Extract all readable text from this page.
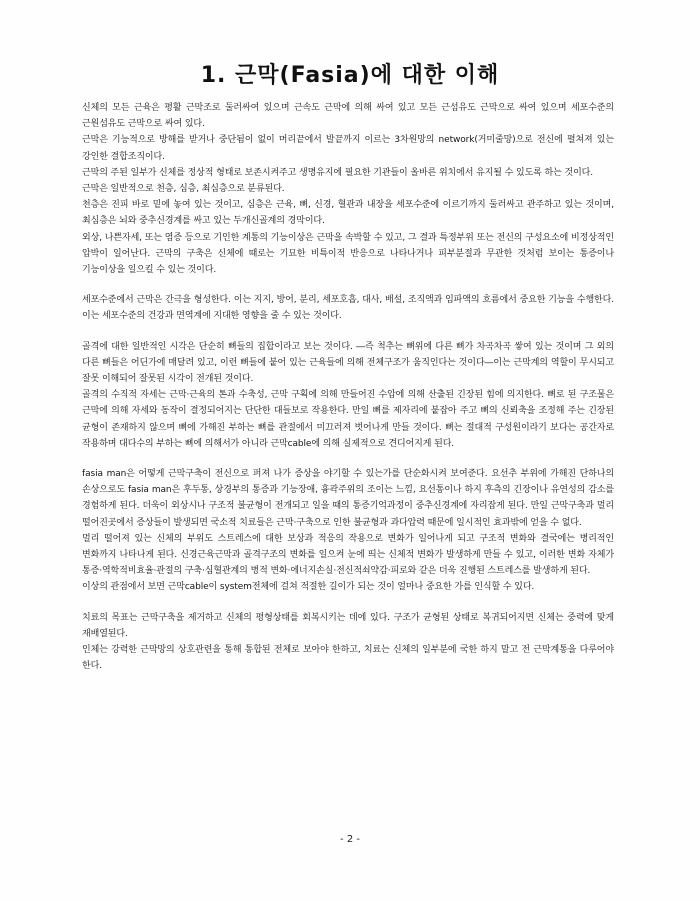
1. 근막(Fasia)에 대한 이해

신체의 모든 근육은 평활 근막조로 둘러싸여 있으며 근속도 근막에 의해 싸여 있고 모든 근섬유도 근막으로 싸여 있으며 세포수준의 근원섬유도 근막으로 싸여 있다.

근막은 기능적으로 방해를 받거나 중단됨이 없이 머리끝에서 발끝까지 이르는 3차원망의 network(거미줄망)으로 전신에 펼쳐져 있는 강인한 결합조직이다.

근막의 주된 일부가 신체를 정상적 형태로 보존시켜주고 생명유지에 필요한 기관들이 올바른 위치에서 유지될 수 있도록 하는 것이다.

근막은 일반적으로 천층, 심층, 최심층으로 분류된다.

천층은 진피 바로 밑에 놓여 있는 것이고, 심층은 근육, 뼈, 신경, 혈관과 내장을 세포수준에 이르기까지 둘러싸고 관주하고 있는 것이며, 최심층은 뇌와 중추신경계를 싸고 있는 두개신골계의 경막이다.

외상, 나쁜자세, 또는 염증 등으로 기인한 계통의 기능이상은 근막을 속박할 수 있고, 그 결과 특정부위 또는 전신의 구성요소에 비정상적인 압박이 일어난다. 근막의 구축은 신체에 때로는 기묘한 비특이적 반응으로 나타나거나 피부분절과 무관한 것처럼 보이는 통증이나 기능이상을 일으킬 수 있는 것이다.

세포수준에서 근막은 간극을 형성한다. 이는 지지, 방어, 분리, 세포호흡, 대사, 배설, 조직액과 임파액의 흐름에서 중요한 기능을 수행한다. 이는 세포수준의 건강과 면역계에 지대한 영향을 줄 수 있는 것이다.

골격에 대한 일반적인 시각은 단순히 뼈들의 집합이라고 보는 것이다. ―즉 척추는 뼈위에 다른 뼈가 차곡차곡 쌓여 있는 것이며 그 외의 다른 뼈들은 어딘가에 매달려 있고, 이런 뼈들에 붙어 있는 근육들에 의해 전체구조가 움직인다는 것이다―이는 근막계의 역할이 무시되고 잘못 이해되어 잘못된 시각이 전개된 것이다.

골격의 수직적 자세는 근막·근육의 톤과 수축성, 근막 구획에 의해 만들어진 수압에 의해 산출된 긴장된 힘에 의지한다. 뼈로 된 구조물은 근막에 의해 자세와 동작이 결정되어지는 단단한 대들보로 작용한다. 만일 뼈를 제자리에 붙잡아 주고 뼈의 신뢰축을 조정해 주는 긴장된 균형이 존재하지 않으며 뼈에 가해진 부하는 뼈를 관절에서 미끄러져 벗어나게 만들 것이다. 뼈는 절대적 구성원이라기 보다는 공간자로 작용하며 대다수의 부하는 뼈에 의해서가 아니라 근막cable에 의해 실제적으로 견디어지게 된다.

fasia man은 어떻게 근막구축이 전신으로 퍼져 나가 증상을 야기할 수 있는가를 단순화시켜 보여준다. 요선추 부위에 가해진 단하나의 손상으로도 fasia man은 후두통, 상경부의 통증과 기능장애, 흉곽주위의 조이는 느낌, 요선통이나 하지 후측의 긴장이나 유연성의 감소를 경험하게 된다. 더욱이 외상시나 구조적 불균형이 전개되고 일을 때의 통증기억과정이 중추신경계에 자리잡게 된다. 만일 근막구축과 멀리 떨어진곳에서 증상들이 발생되면 국소적 치료들은 근막·구축으로 인한 불균형과 과다압력 때문에 일시적인 효과밖에 얻을 수 없다.

멀리 떨어져 있는 신체의 부위도 스트레스에 대한 보상과 적응의 작용으로 변화가 일어나게 되고 구조적 변화와 결국에는 병리적인 변화까지 나타나게 된다. 신경근육근막과 골격구조의 변화를 일으켜 눈에 띄는 신체적 변화가 발생하게 만들 수 있고, 이러한 변화 자체가 통증·역학적비효율·관절의 구축·심혈관계의 병적 변화·에너지손실·전신적쇠약감·피로와 같은 더욱 진행된 스트레스를 발생하게 된다.

이상의 관점에서 보면 근막cable이 system전체에 걸쳐 적절한 길이가 되는 것이 얼마나 중요한 가를 인식할 수 있다.

치료의 목표는 근막구축을 제거하고 신체의 평형상태를 회복시키는 데에 있다. 구조가 균형된 상태로 복귀되어지면 신체는 중력에 맞게 재배열된다.

인체는 강력한 근막망의 상호관련을 통해 통합된 전체로 보아야 한하고, 치료는 신체의 일부분에 국한 하지 말고 전 근막계통을 다루어야 한다.

- 2 -
